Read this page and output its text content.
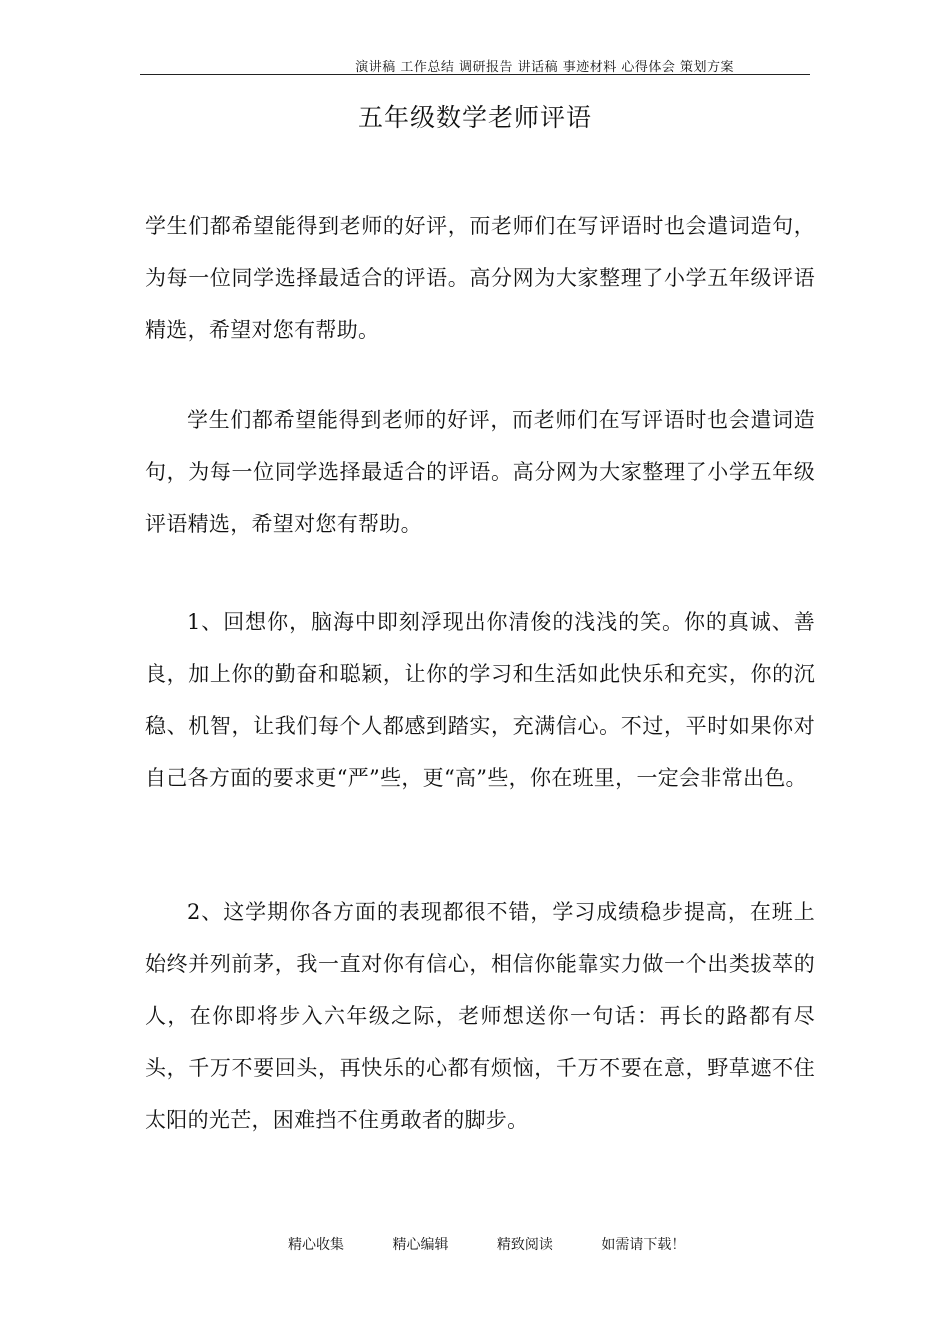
演讲稿 工作总结 调研报告 讲话稿 事迹材料 心得体会 策划方案
五年级数学老师评语

学生们都希望能得到老师的好评，而老师们在写评语时也会遣词造句，为每一位同学选择最适合的评语。高分网为大家整理了小学五年级评语精选，希望对您有帮助。

学生们都希望能得到老师的好评，而老师们在写评语时也会遣词造句，为每一位同学选择最适合的评语。高分网为大家整理了小学五年级评语精选，希望对您有帮助。

1、回想你，脑海中即刻浮现出你清俊的浅浅的笑。你的真诚、善良，加上你的勤奋和聪颖，让你的学习和生活如此快乐和充实，你的沉稳、机智，让我们每个人都感到踏实，充满信心。不过，平时如果你对自己各方面的要求更“严”些，更“高”些，你在班里，一定会非常出色。

2、这学期你各方面的表现都很不错，学习成绩稳步提高，在班上始终并列前茅，我一直对你有信心，相信你能靠实力做一个出类拔萃的人，在你即将步入六年级之际，老师想送你一句话：再长的路都有尽头，千万不要回头，再快乐的心都有烦恼，千万不要在意，野草遮不住太阳的光芒，困难挡不住勇敢者的脚步。

精心收集	精心编辑	精致阅读	如需请下载！
